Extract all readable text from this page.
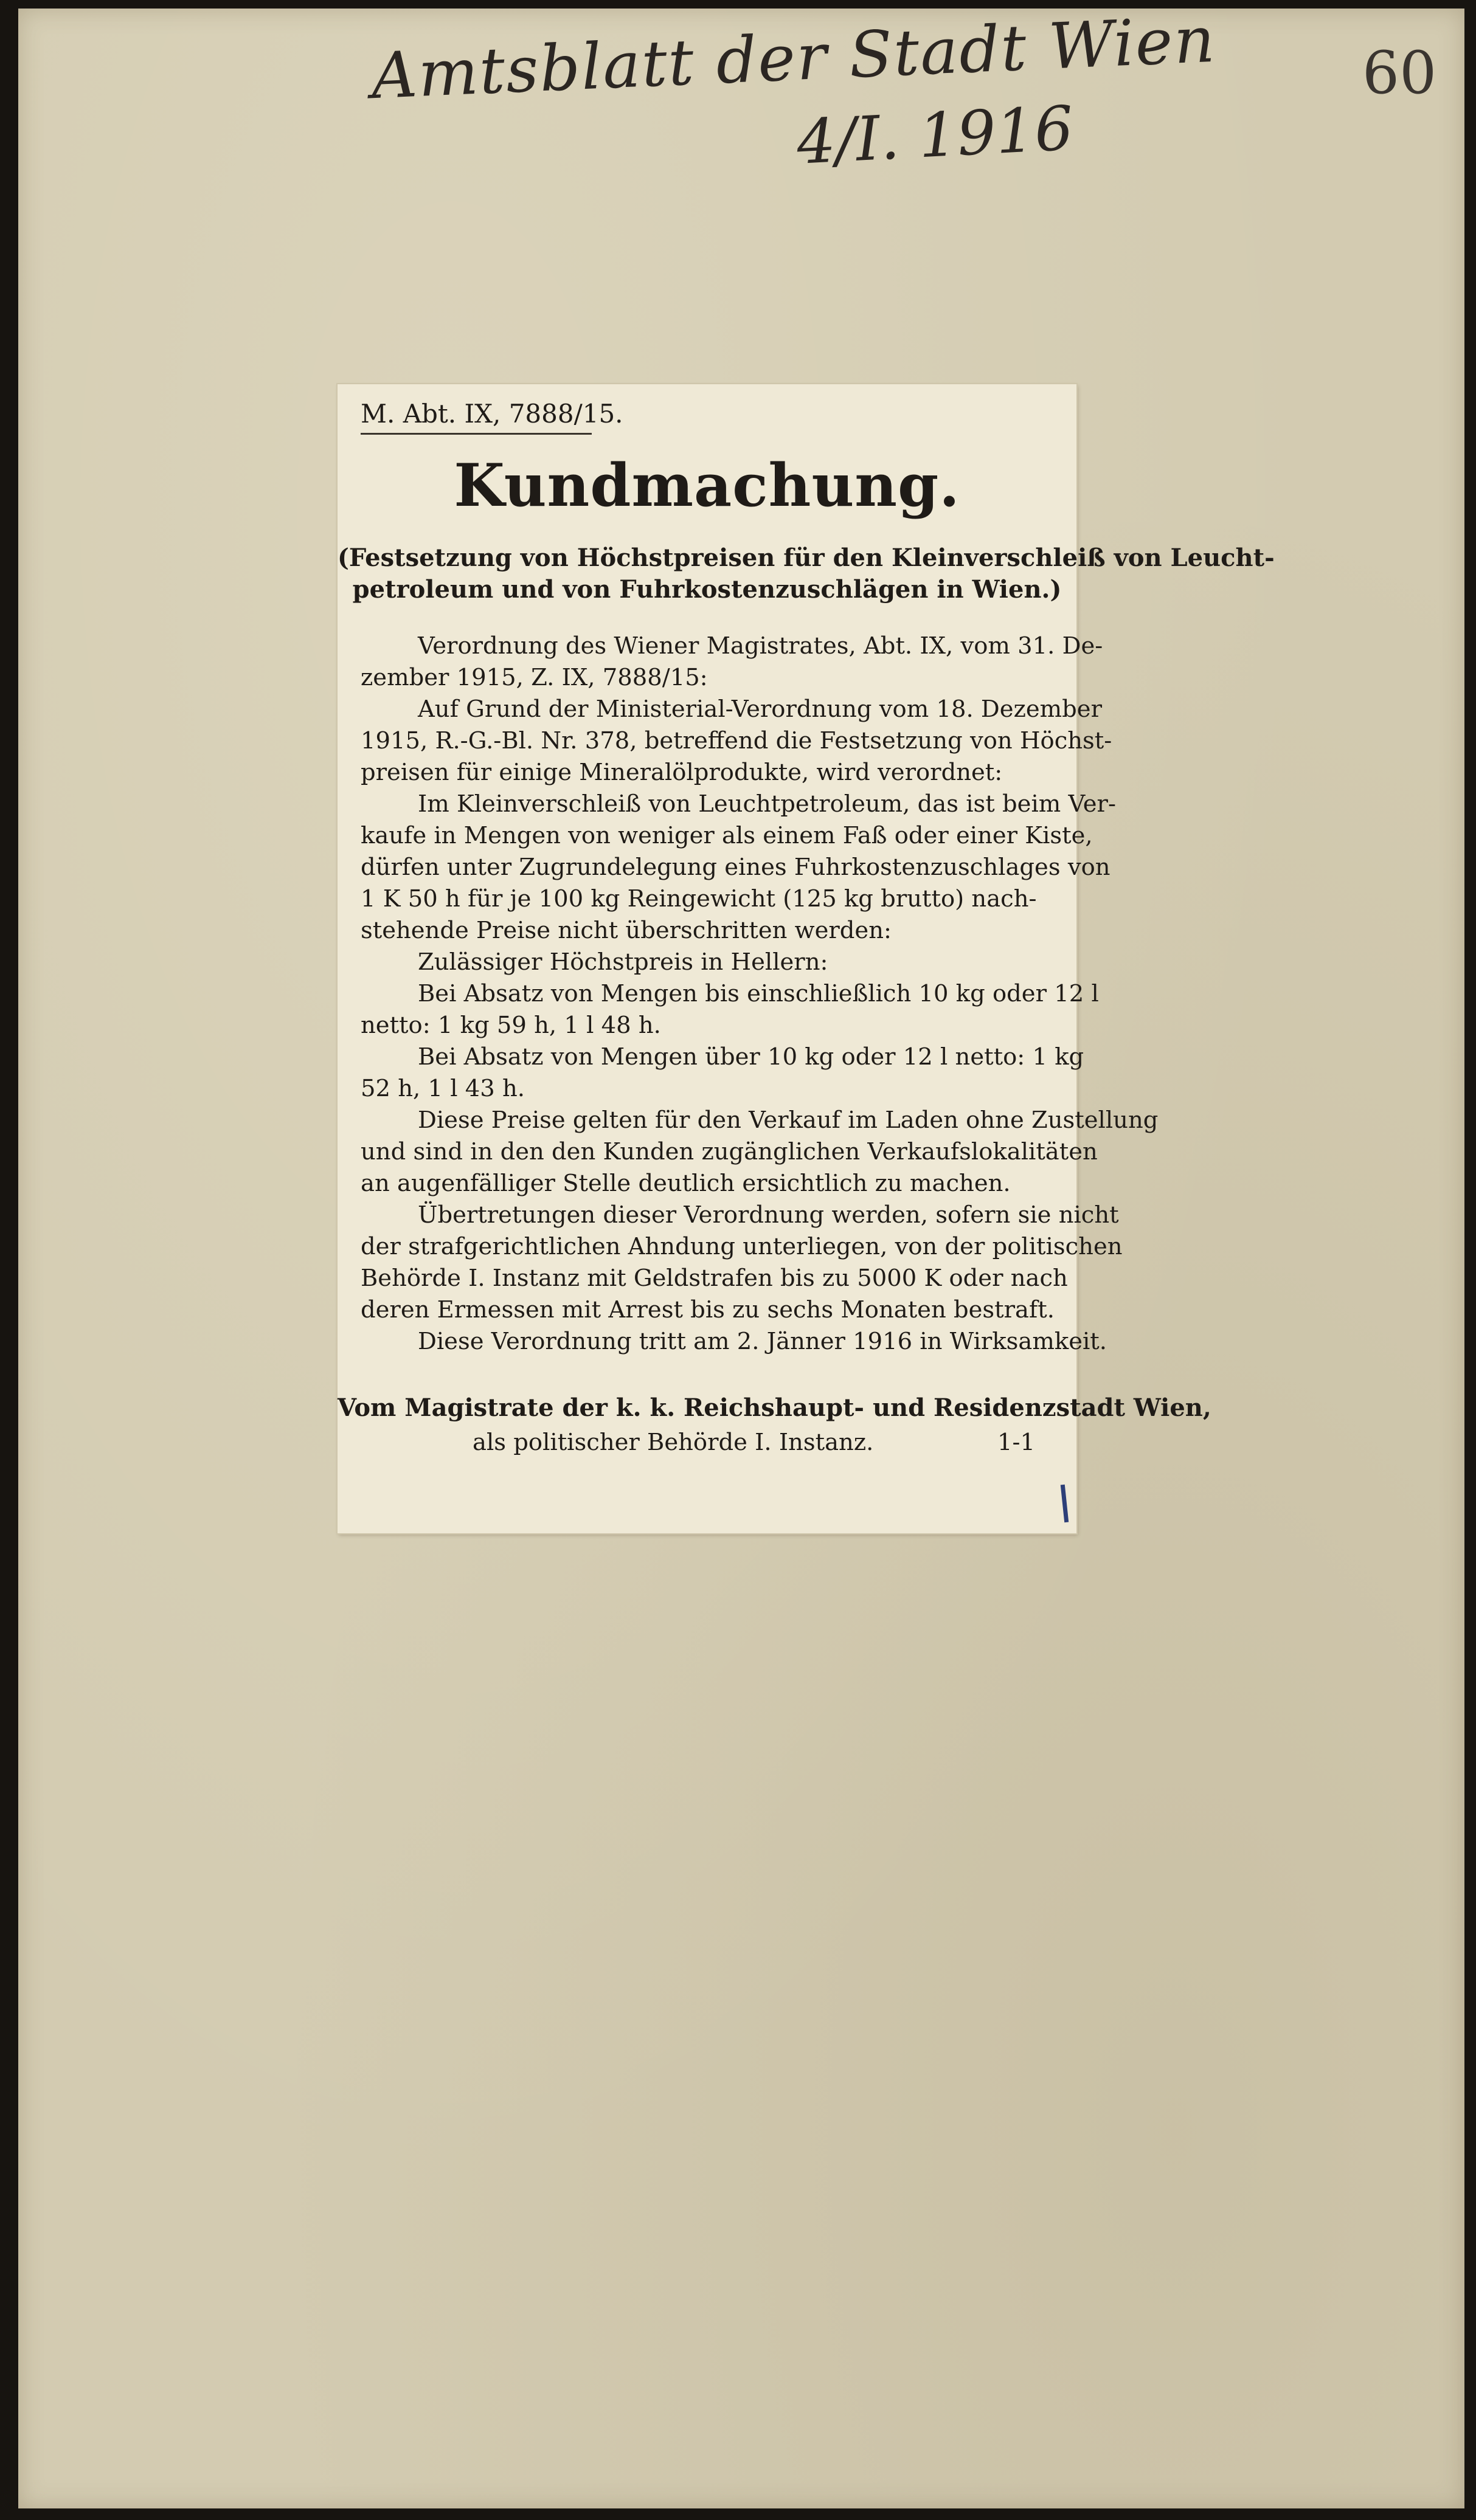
Amtsblatt der Stadt Wien
4/I. 1916
60
M. Abt. IX, 7888/15.
Kundmachung.
(Festsetzung von Höchstpreisen für den Kleinverschleiß von Leucht-
petroleum und von Fuhrkostenzuschlägen in Wien.)
Verordnung des Wiener Magistrates, Abt. IX, vom 31. De-
zember 1915, Z. IX, 7888/15:
Auf Grund der Ministerial-Verordnung vom 18. Dezember
1915, R.-G.-Bl. Nr. 378, betreffend die Festsetzung von Höchst-
preisen für einige Mineralölprodukte, wird verordnet:
Im Kleinverschleiß von Leuchtpetroleum, das ist beim Ver-
kaufe in Mengen von weniger als einem Faß oder einer Kiste,
dürfen unter Zugrundelegung eines Fuhrkostenzuschlages von
1 K 50 h für je 100 kg Reingewicht (125 kg brutto) nach-
stehende Preise nicht überschritten werden:
Zulässiger Höchstpreis in Hellern:
Bei Absatz von Mengen bis einschließlich 10 kg oder 12 l
netto: 1 kg 59 h, 1 l 48 h.
Bei Absatz von Mengen über 10 kg oder 12 l netto: 1 kg
52 h, 1 l 43 h.
Diese Preise gelten für den Verkauf im Laden ohne Zustellung
und sind in den den Kunden zugänglichen Verkaufslokalitäten
an augenfälliger Stelle deutlich ersichtlich zu machen.
Übertretungen dieser Verordnung werden, sofern sie nicht
der strafgerichtlichen Ahndung unterliegen, von der politischen
Behörde I. Instanz mit Geldstrafen bis zu 5000 K oder nach
deren Ermessen mit Arrest bis zu sechs Monaten bestraft.
Diese Verordnung tritt am 2. Jänner 1916 in Wirksamkeit.
Vom Magistrate der k. k. Reichshaupt- und Residenzstadt Wien,
als politischer Behörde I. Instanz.	1-1
